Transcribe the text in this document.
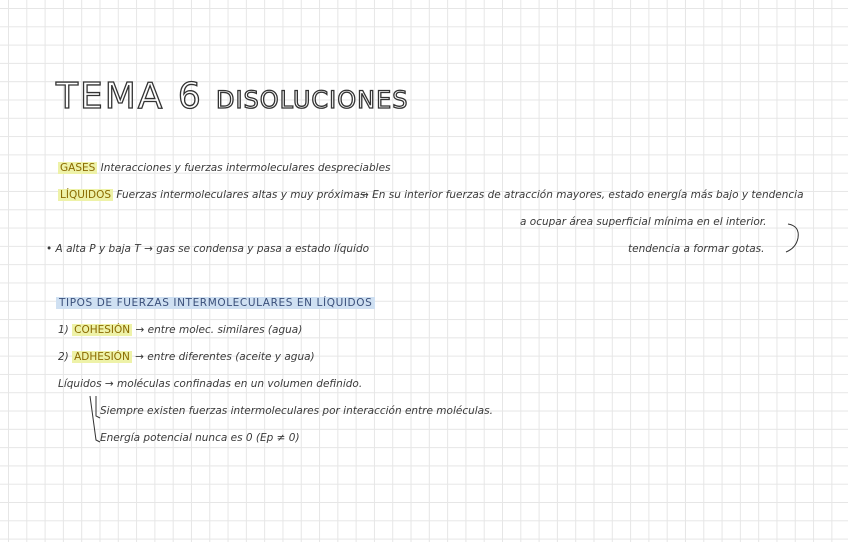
TEMA 6 DISOLUCIONES
GASES Interacciones y fuerzas intermoleculares despreciables
LÍQUIDOS Fuerzas intermoleculares altas y muy próximas.
→ En su interior fuerzas de atracción mayores, estado energía más bajo y tendencia
a ocupar área superficial mínima en el interior.
tendencia a formar gotas.
• A alta P y baja T → gas se condensa y pasa a estado líquido
TIPOS DE FUERZAS INTERMOLECULARES EN LÍQUIDOS
1) COHESIÓN → entre molec. similares (agua)
2) ADHESIÓN → entre diferentes (aceite y agua)
Líquidos → moléculas confinadas en un volumen definido.
Siempre existen fuerzas intermoleculares por interacción entre moléculas.
Energía potencial nunca es 0 (Ep ≠ 0)
